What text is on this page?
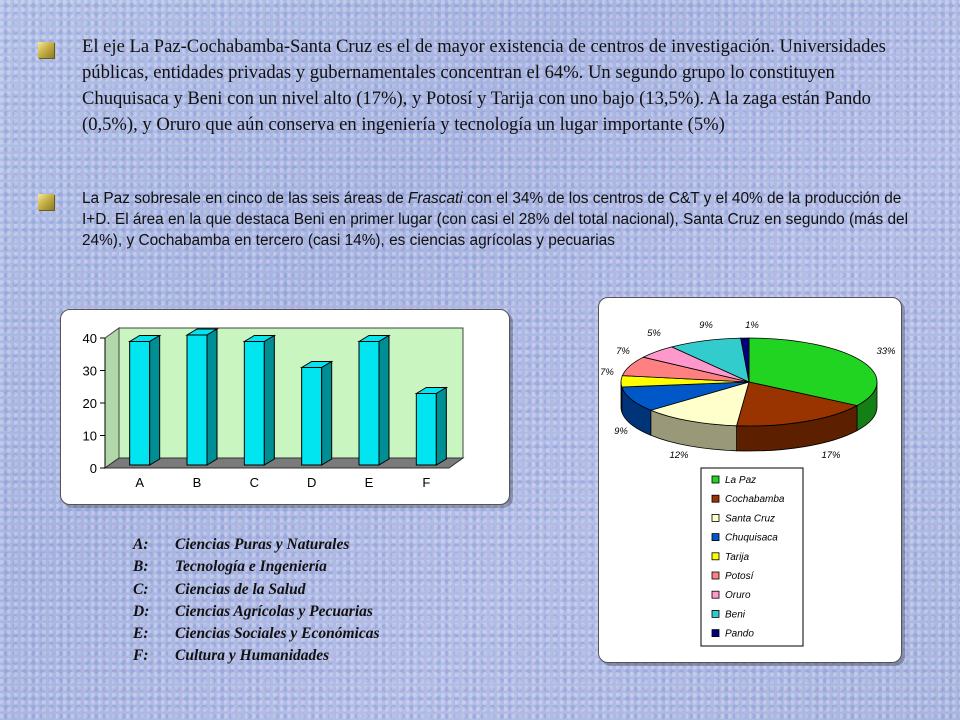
El eje La Paz-Cochabamba-Santa Cruz es el de mayor existencia de centros de investigación. Universidades públicas, entidades privadas y gubernamentales concentran el 64%. Un segundo grupo lo constituyen Chuquisaca y Beni con un nivel alto (17%), y Potosí y Tarija con uno bajo (13,5%). A la zaga están Pando (0,5%), y Oruro que aún conserva en ingeniería y tecnología un lugar importante (5%)
La Paz sobresale en cinco de las seis áreas de Frascati con el 34% de los centros de C&T y el 40% de la producción de I+D. El área en la que destaca Beni en primer lugar (con casi el 28% del total nacional), Santa Cruz en segundo (más del 24%), y Cochabamba en tercero (casi 14%), es ciencias agrícolas y pecuarias
0
10
20
30
40
A	B	C	D	E	F
33%
17%
12%
9%
7%
7%
5%
9%	1%
La Paz
Cochabamba
Santa Cruz
Chuquisaca
Tarija
Potosí
Oruro
Beni
Pando
A: Ciencias Puras y Naturales
B: Tecnología e Ingeniería
C: Ciencias de la Salud
D: Ciencias Agrícolas y Pecuarias
E: Ciencias Sociales y Económicas
F: Cultura y Humanidades
